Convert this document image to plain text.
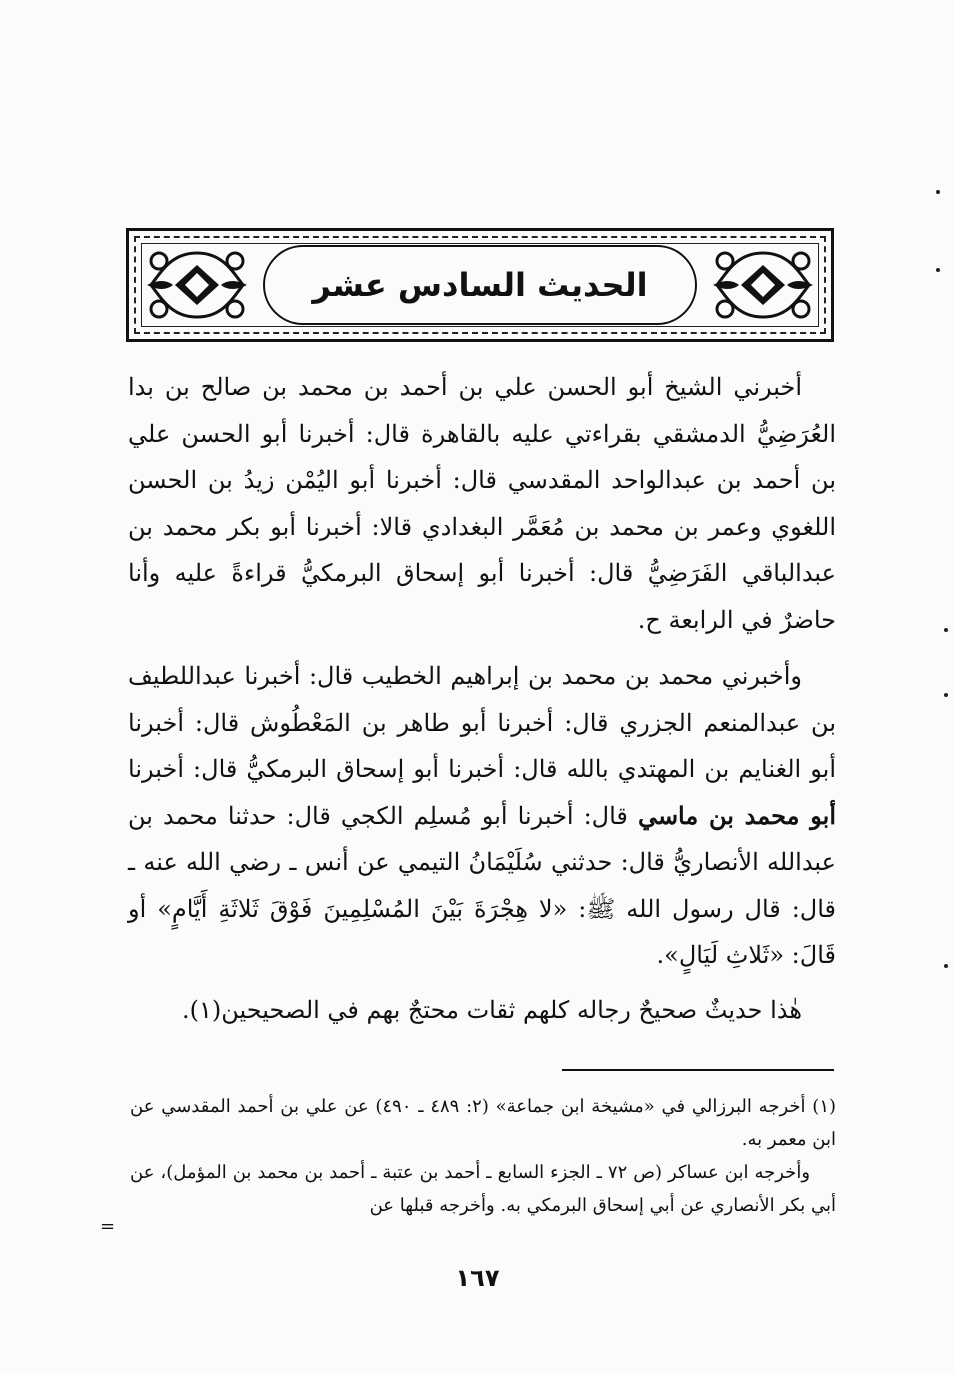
الحديث السادس عشر

أخبرني الشيخ أبو الحسن علي بن أحمد بن محمد بن صالح بن بدا العُرَضِيُّ الدمشقي بقراءتي عليه بالقاهرة قال: أخبرنا أبو الحسن علي بن أحمد بن عبدالواحد المقدسي قال: أخبرنا أبو اليُمْن زيدُ بن الحسن اللغوي وعمر بن محمد بن مُعَمَّر البغدادي قالا: أخبرنا أبو بكر محمد بن عبدالباقي الفَرَضِيُّ قال: أخبرنا أبو إسحاق البرمكيُّ قراءةً عليه وأنا حاضرٌ في الرابعة ح.

وأخبرني محمد بن محمد بن إبراهيم الخطيب قال: أخبرنا عبداللطيف بن عبدالمنعم الجزري قال: أخبرنا أبو طاهر بن المَعْطُوش قال: أخبرنا أبو الغنايم بن المهتدي بالله قال: أخبرنا أبو إسحاق البرمكيُّ قال: أخبرنا أبو محمد بن ماسي قال: أخبرنا أبو مُسلِم الكجي قال: حدثنا محمد بن عبدالله الأنصاريُّ قال: حدثني سُلَيْمَانُ التيمي عن أنس ـ رضي الله عنه ـ قال: قال رسول الله ﷺ: «لا هِجْرَةَ بَيْنَ المُسْلِمِينَ فَوْقَ ثَلاثَةِ أَيَّامٍ» أو قَالَ: «ثَلاثِ لَيَالٍ».

هٰذا حديثٌ صحيحٌ رجاله كلهم ثقات محتجٌ بهم في الصحيحين(١).

(١) أخرجه البرزالي في «مشيخة ابن جماعة» (٢: ٤٨٩ ـ ٤٩٠) عن علي بن أحمد المقدسي عن ابن معمر به.

وأخرجه ابن عساكر (ص ٧٢ ـ الجزء السابع ـ أحمد بن عتبة ـ أحمد بن محمد بن المؤمل)، عن أبي بكر الأنصاري عن أبي إسحاق البرمكي به. وأخرجه قبلها عن

=
١٦٧
